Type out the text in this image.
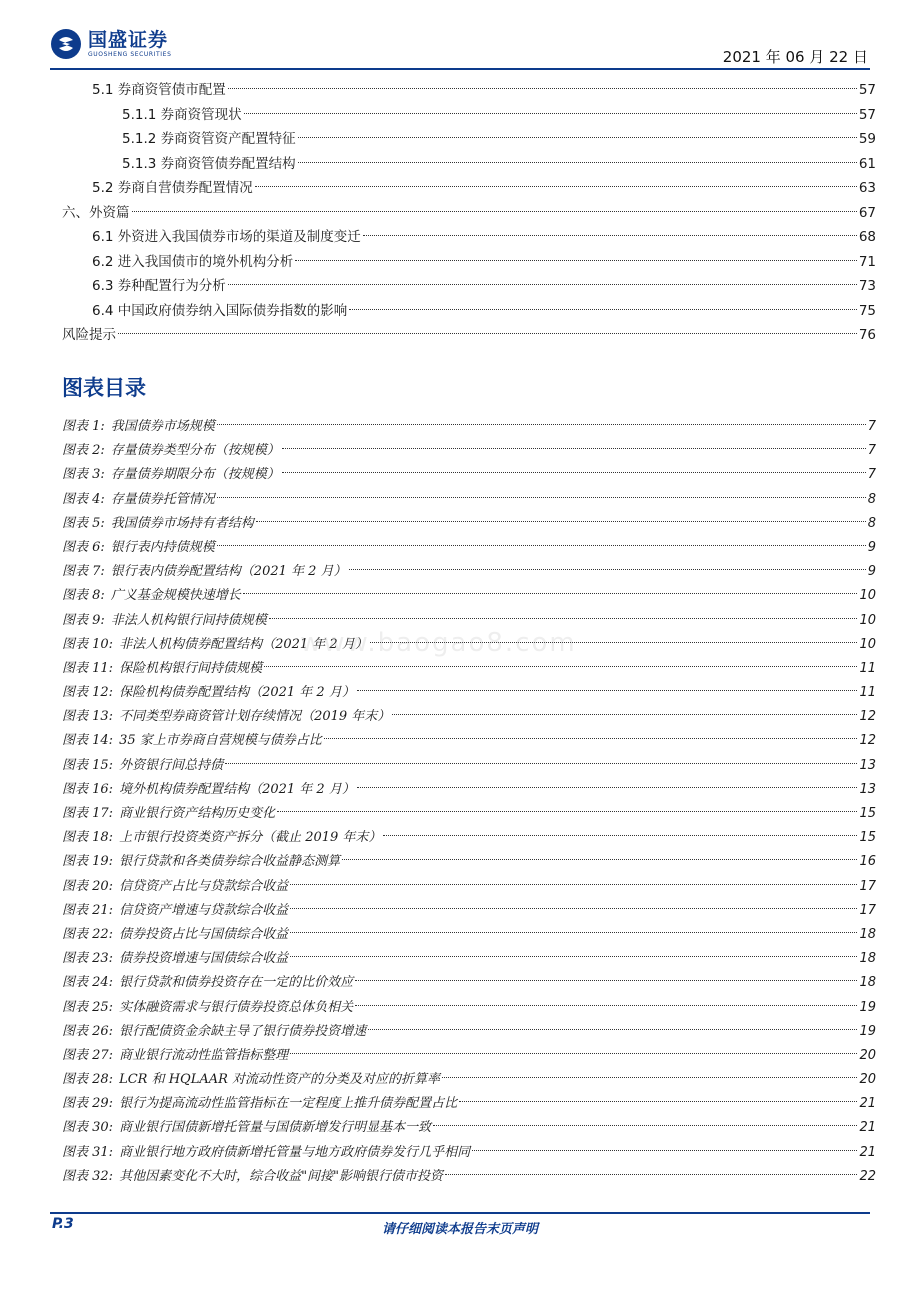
国盛证券
GUOSHENG SECURITIES	2021 年 06 月 22 日
5.1 券商资管债市配置	57
5.1.1 券商资管现状	57
5.1.2 券商资管资产配置特征	59
5.1.3 券商资管债券配置结构	61
5.2 券商自营债券配置情况	63
六、外资篇	67
6.1 外资进入我国债券市场的渠道及制度变迁	68
6.2 进入我国债市的境外机构分析	71
6.3 券种配置行为分析	73
6.4 中国政府债券纳入国际债券指数的影响	75
风险提示	76
图表目录
图表 1: 我国债券市场规模	7
图表 2: 存量债券类型分布（按规模）	7
图表 3: 存量债券期限分布（按规模）	7
图表 4: 存量债券托管情况	8
图表 5: 我国债券市场持有者结构	8
图表 6: 银行表内持债规模	9
图表 7: 银行表内债券配置结构（2021 年 2 月）	9
图表 8: 广义基金规模快速增长	10
图表 9: 非法人机构银行间持债规模	10
图表 10: 非法人机构债券配置结构（2021 年 2 月）	10
图表 11: 保险机构银行间持债规模	11
图表 12: 保险机构债券配置结构（2021 年 2 月）	11
图表 13: 不同类型券商资管计划存续情况（2019 年末）	12
图表 14: 35 家上市券商自营规模与债券占比	12
图表 15: 外资银行间总持债	13
图表 16: 境外机构债券配置结构（2021 年 2 月）	13
图表 17: 商业银行资产结构历史变化	15
图表 18: 上市银行投资类资产拆分（截止 2019 年末）	15
图表 19: 银行贷款和各类债券综合收益静态测算	16
图表 20: 信贷资产占比与贷款综合收益	17
图表 21: 信贷资产增速与贷款综合收益	17
图表 22: 债券投资占比与国债综合收益	18
图表 23: 债券投资增速与国债综合收益	18
图表 24: 银行贷款和债券投资存在一定的比价效应	18
图表 25: 实体融资需求与银行债券投资总体负相关	19
图表 26: 银行配债资金余缺主导了银行债券投资增速	19
图表 27: 商业银行流动性监管指标整理	20
图表 28: LCR 和 HQLAAR 对流动性资产的分类及对应的折算率	20
图表 29: 银行为提高流动性监管指标在一定程度上推升债券配置占比	21
图表 30: 商业银行国债新增托管量与国债新增发行明显基本一致	21
图表 31: 商业银行地方政府债新增托管量与地方政府债券发行几乎相同	21
图表 32: 其他因素变化不大时，综合收益"间接"影响银行债市投资	22
www.baogao8.com
P.3	请仔细阅读本报告末页声明
